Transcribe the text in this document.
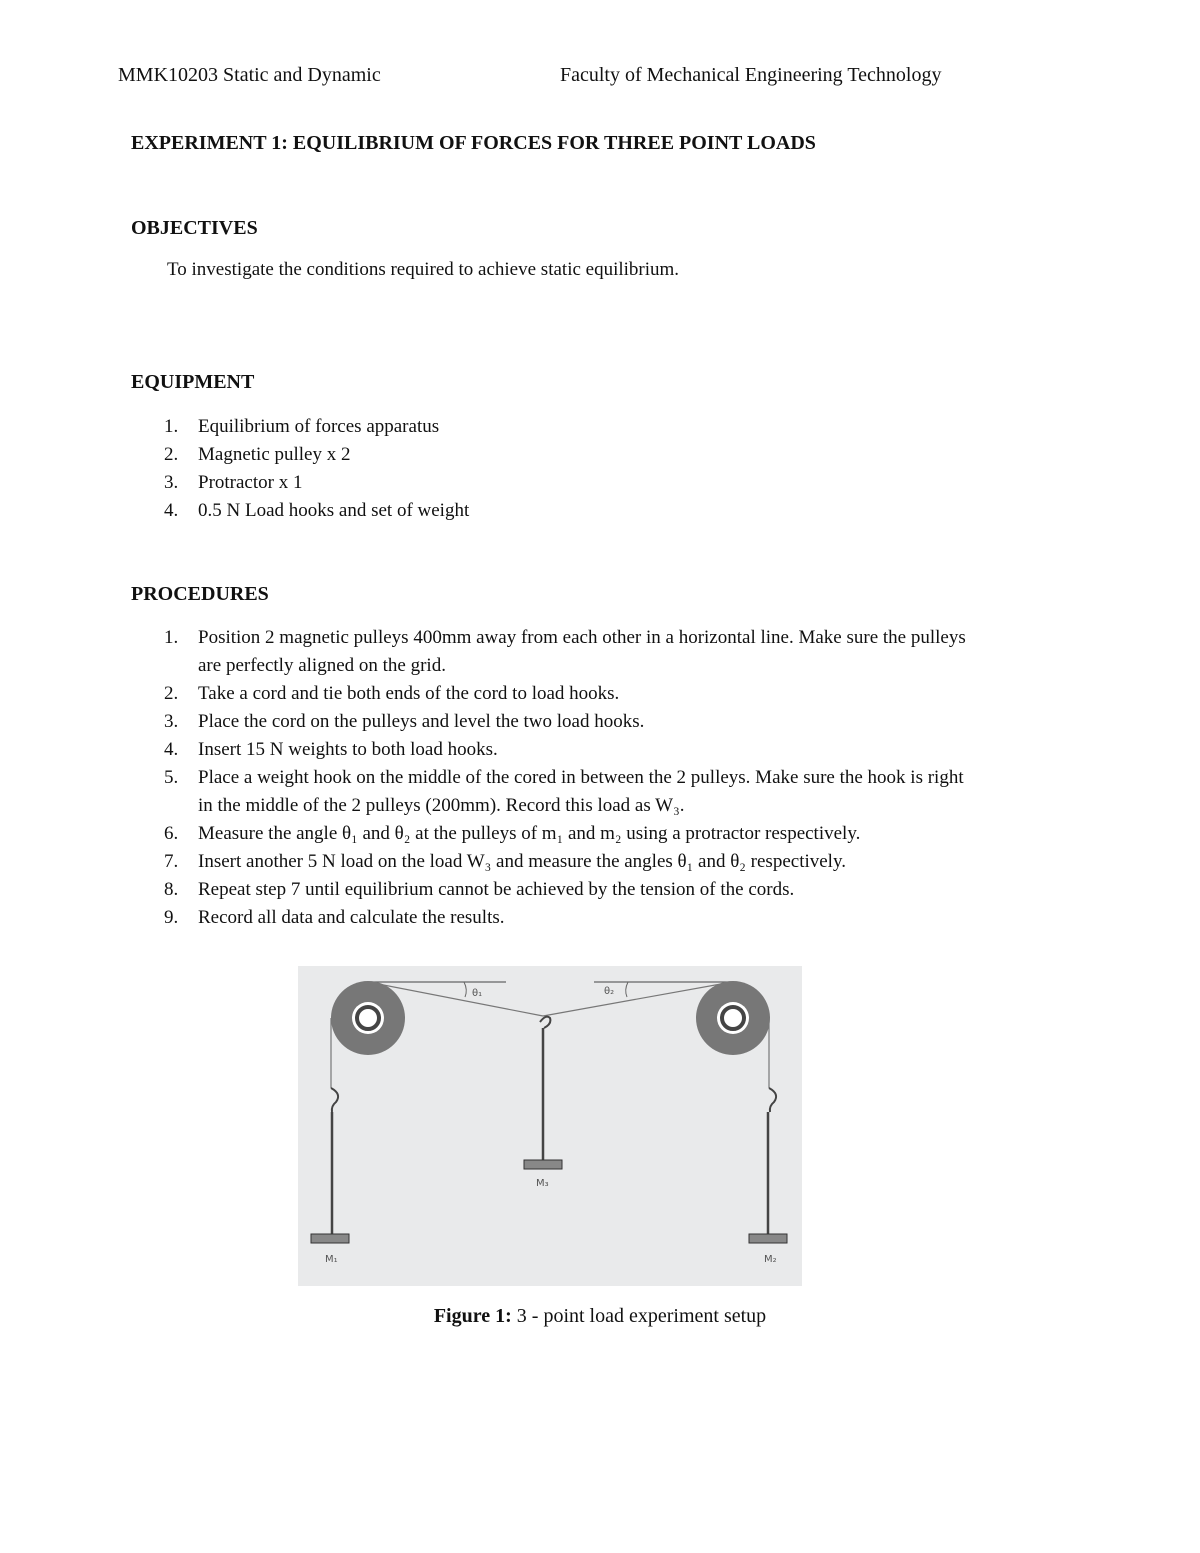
MMK10203 Static and Dynamic	Faculty of Mechanical Engineering Technology
EXPERIMENT 1: EQUILIBRIUM OF FORCES FOR THREE POINT LOADS
OBJECTIVES
To investigate the conditions required to achieve static equilibrium.
EQUIPMENT
1. Equilibrium of forces apparatus
2. Magnetic pulley x 2
3. Protractor x 1
4. 0.5 N Load hooks and set of weight
PROCEDURES
1. Position 2 magnetic pulleys 400mm away from each other in a horizontal line. Make sure the pulleys are perfectly aligned on the grid.
2. Take a cord and tie both ends of the cord to load hooks.
3. Place the cord on the pulleys and level the two load hooks.
4. Insert 15 N weights to both load hooks.
5. Place a weight hook on the middle of the cored in between the 2 pulleys. Make sure the hook is right in the middle of the 2 pulleys (200mm). Record this load as W₃.
6. Measure the angle θ₁ and θ₂ at the pulleys of m₁ and m₂ using a protractor respectively.
7. Insert another 5 N load on the load W₃ and measure the angles θ₁ and θ₂ respectively.
8. Repeat step 7 until equilibrium cannot be achieved by the tension of the cords.
9. Record all data and calculate the results.
θ₁	θ₂
M₁	M₂
M₃
Figure 1: 3 - point load experiment setup
